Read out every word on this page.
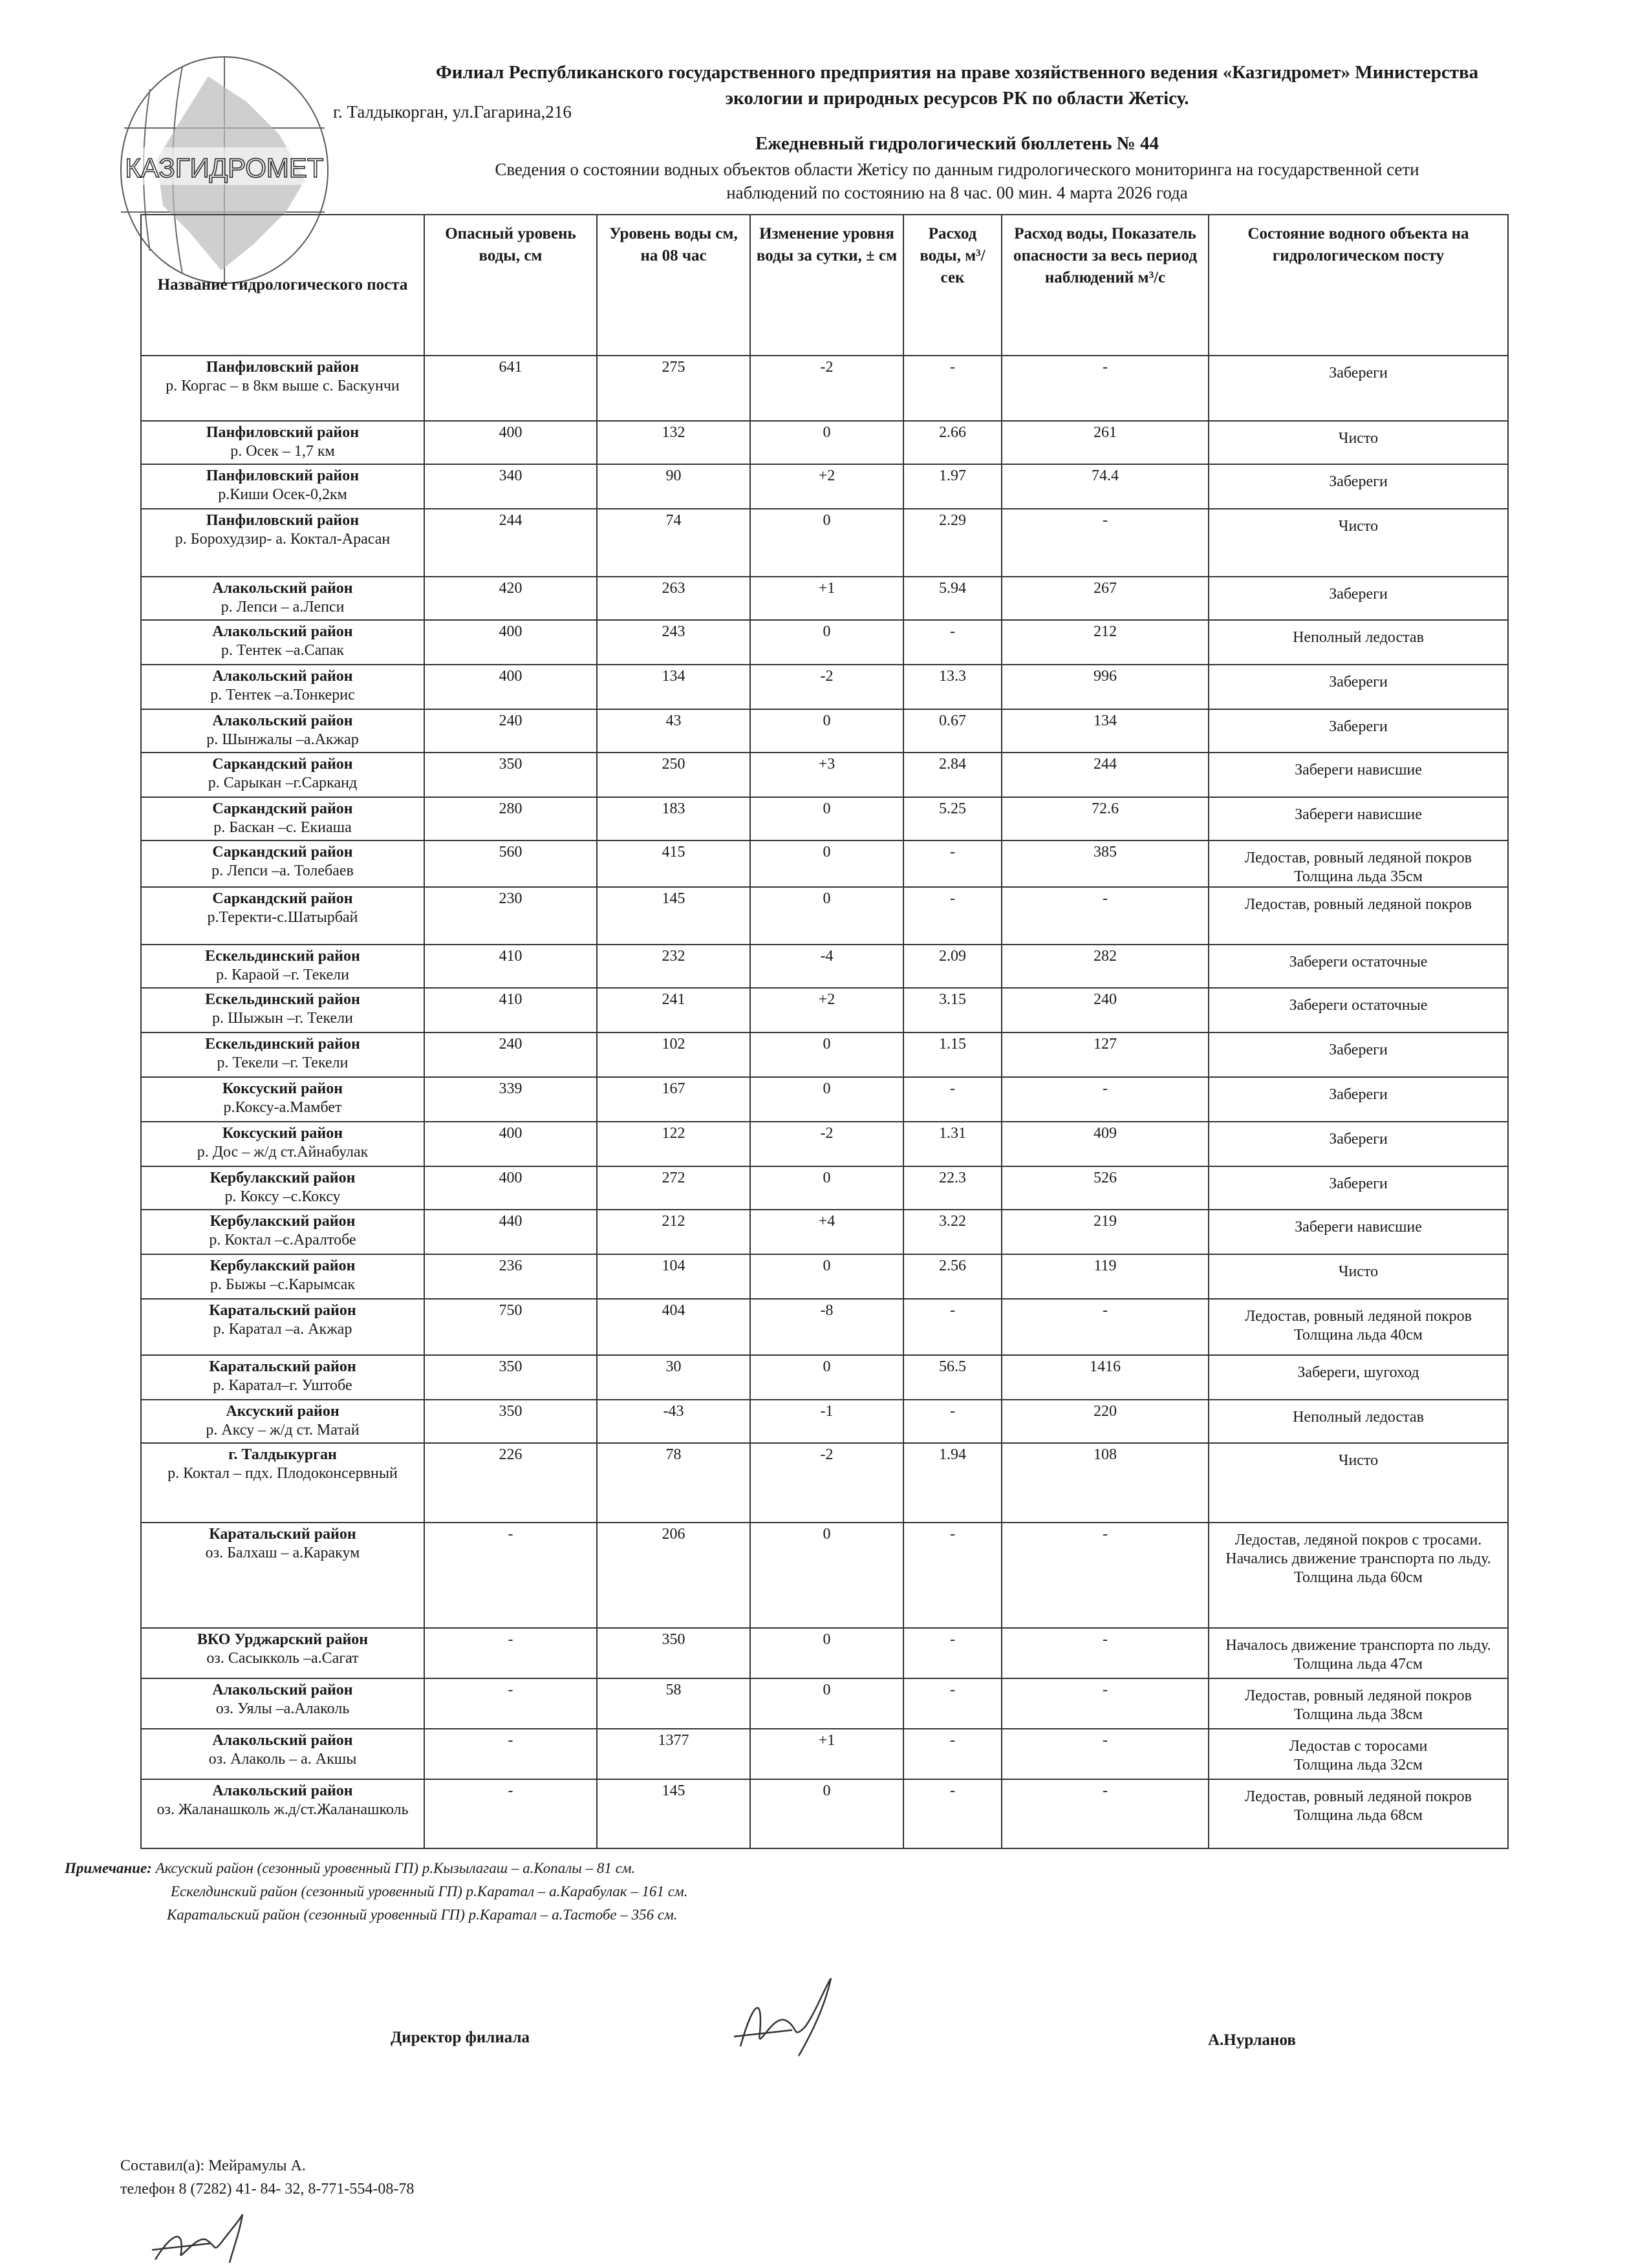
КАЗГИДРОМЕТ
Филиал Республиканского государственного предприятия на праве хозяйственного ведения «Казгидромет» Министерства
экологии и природных ресурсов РК по области Жетісу.
г. Талдыкорган, ул.Гагарина,216
Ежедневный гидрологический бюллетень № 44
Сведения о состоянии водных объектов области Жетісу по данным гидрологического мониторинга на государственной сети
наблюдений по состоянию на 8 час. 00 мин. 4 марта 2026 года
Название гидрологического поста	Опасный уровень воды, см	Уровень воды см, на 08 час	Изменение уровня воды за сутки, ± см	Расход воды, м³/сек	Расход воды, Показатель опасности за весь период наблюдений м³/с	Состояние водного объекта на гидрологическом посту

Панфиловский район
р. Коргас – в 8км выше с. Баскунчи	641	275	-2	-	-	Забереги

Панфиловский район
р. Осек – 1,7 км	400	132	0	2.66	261	Чисто

Панфиловский район
р.Киши Осек-0,2км	340	90	+2	1.97	74.4	Забереги

Панфиловский район
р. Борохудзир- а. Коктал-Арасан	244	74	0	2.29	-	Чисто

Алакольский район
р. Лепси – а.Лепси	420	263	+1	5.94	267	Забереги

Алакольский район
р. Тентек –а.Сапак	400	243	0	-	212	Неполный ледостав

Алакольский район
р. Тентек –а.Тонкерис	400	134	-2	13.3	996	Забереги

Алакольский район
р. Шынжалы –а.Акжар	240	43	0	0.67	134	Забереги

Саркандский район
р. Сарыкан –г.Сарканд	350	250	+3	2.84	244	Забереги нависшие

Саркандский район
р. Баскан –с. Екиаша	280	183	0	5.25	72.6	Забереги нависшие

Саркандский район
р. Лепси –а. Толебаев	560	415	0	-	385	Ледостав, ровный ледяной покров
Толщина льда 35см

Саркандский район
р.Теректи-с.Шатырбай	230	145	0	-	-	Ледостав, ровный ледяной покров

Ескельдинский район
р. Караой –г. Текели	410	232	-4	2.09	282	Забереги остаточные

Ескельдинский район
р. Шыжын –г. Текели	410	241	+2	3.15	240	Забереги остаточные

Ескельдинский район
р. Текели –г. Текели	240	102	0	1.15	127	Забереги

Коксуский район
р.Коксу-а.Мамбет	339	167	0	-	-	Забереги

Коксуский район
р. Дос – ж/д ст.Айнабулак	400	122	-2	1.31	409	Забереги

Кербулакский район
р. Коксу –с.Коксу	400	272	0	22.3	526	Забереги

Кербулакский район
р. Коктал –с.Аралтобе	440	212	+4	3.22	219	Забереги нависшие

Кербулакский район
р. Быжы –с.Карымсак	236	104	0	2.56	119	Чисто

Каратальский район
р. Каратал –а. Акжар	750	404	-8	-	-	Ледостав, ровный ледяной покров
Толщина льда 40см

Каратальский район
р. Каратал–г. Уштобе	350	30	0	56.5	1416	Забереги, шугоход

Аксуский район
р. Аксу – ж/д ст. Матай	350	-43	-1	-	220	Неполный ледостав

г. Талдыкурган
р. Коктал – пдх. Плодоконсервный	226	78	-2	1.94	108	Чисто

Каратальский район
оз. Балхаш – а.Каракум	-	206	0	-	-	Ледостав, ледяной покров с тросами. Начались движение транспорта по льду. Толщина льда 60см

ВКО Урджарский район
оз. Сасыкколь –а.Сагат	-	350	0	-	-	Началось движение транспорта по льду. Толщина льда 47см

Алакольский район
оз. Уялы –а.Алаколь	-	58	0	-	-	Ледостав, ровный ледяной покров
Толщина льда 38см

Алакольский район
оз. Алаколь – а. Акшы	-	1377	+1	-	-	Ледостав с торосами
Толщина льда 32см

Алакольский район
оз. Жаланашколь ж.д/ст.Жаланашколь	-	145	0	-	-	Ледостав, ровный ледяной покров
Толщина льда 68см
Примечание: Аксуский район (сезонный уровенный ГП) р.Кызылагаш – а.Копалы – 81 см.
Ескелдинский район (сезонный уровенный ГП) р.Каратал – а.Карабулак – 161 см.
Каратальский район (сезонный уровенный ГП) р.Каратал – а.Тастобе – 356 см.
Директор филиала	А.Нурланов
Составил(а): Мейрамулы А.
телефон 8 (7282) 41- 84- 32, 8-771-554-08-78
